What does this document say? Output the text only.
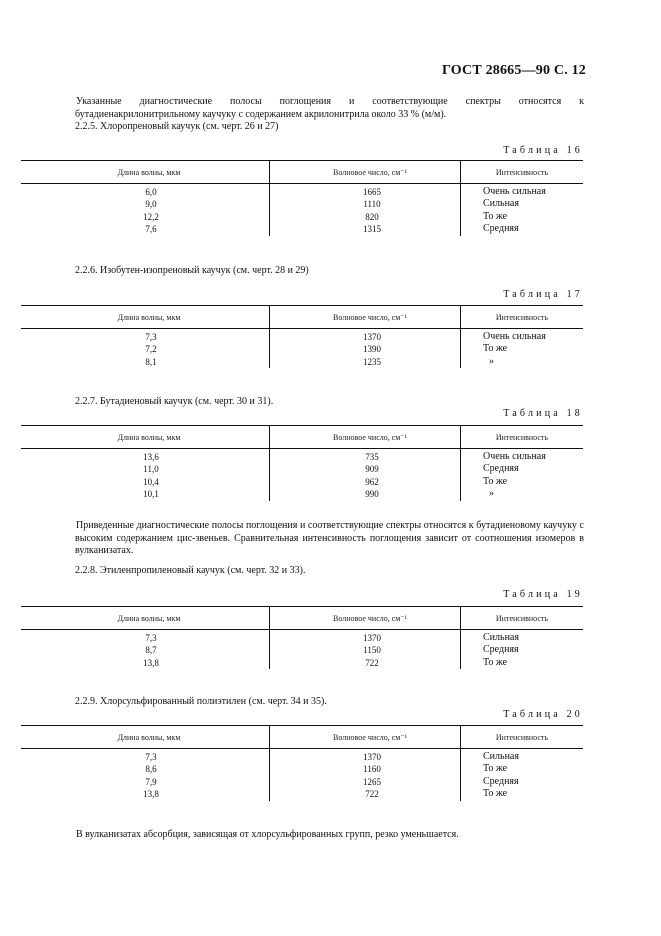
ГОСТ 28665—90 С. 12
Указанные диагностические полосы поглощения и соответствующие спектры относятся к бутадиенакрилонитрильному каучуку с содержанием акрилонитрила около 33 % (м/м).
2.2.5. Хлоропреновый каучук (см. черт. 26 и 27)
Таблица 16
Длина волны, мкм	Волновое число, см⁻¹	Интенсивность
6,0	1665	Очень сильная
9,0	1110	Сильная
12,2	820	То же
7,6	1315	Средняя
2.2.6. Изобутен-изопреновый каучук (см. черт. 28 и 29)
Таблица 17
Длина волны, мкм	Волновое число, см⁻¹	Интенсивность
7,3	1370	Очень сильная
7,2	1390	То же
8,1	1235	»
2.2.7. Бутадиеновый каучук (см. черт. 30 и 31).
Таблица 18
Длина волны, мкм	Волновое число, см⁻¹	Интенсивность
13,6	735	Очень сильная
11,0	909	Средняя
10,4	962	То же
10,1	990	»
Приведенные диагностические полосы поглощения и соответствующие спектры относятся к бутадиеновому каучуку с высоким содержанием цис-звеньев. Сравнительная интенсивность поглощения зависит от соотношения изомеров в вулканизатах.
2.2.8. Этиленпропиленовый каучук (см. черт. 32 и 33).
Таблица 19
Длина волны, мкм	Волновое число, см⁻¹	Интенсивность
7,3	1370	Сильная
8,7	1150	Средняя
13,8	722	То же
2.2.9. Хлорсульфированный полиэтилен (см. черт. 34 и 35).
Таблица 20
Длина волны, мкм	Волновое число, см⁻¹	Интенсивность
7,3	1370	Сильная
8,6	1160	То же
7,9	1265	Средняя
13,8	722	То же
В вулканизатах абсорбция, зависящая от хлорсульфированных групп, резко уменьшается.
